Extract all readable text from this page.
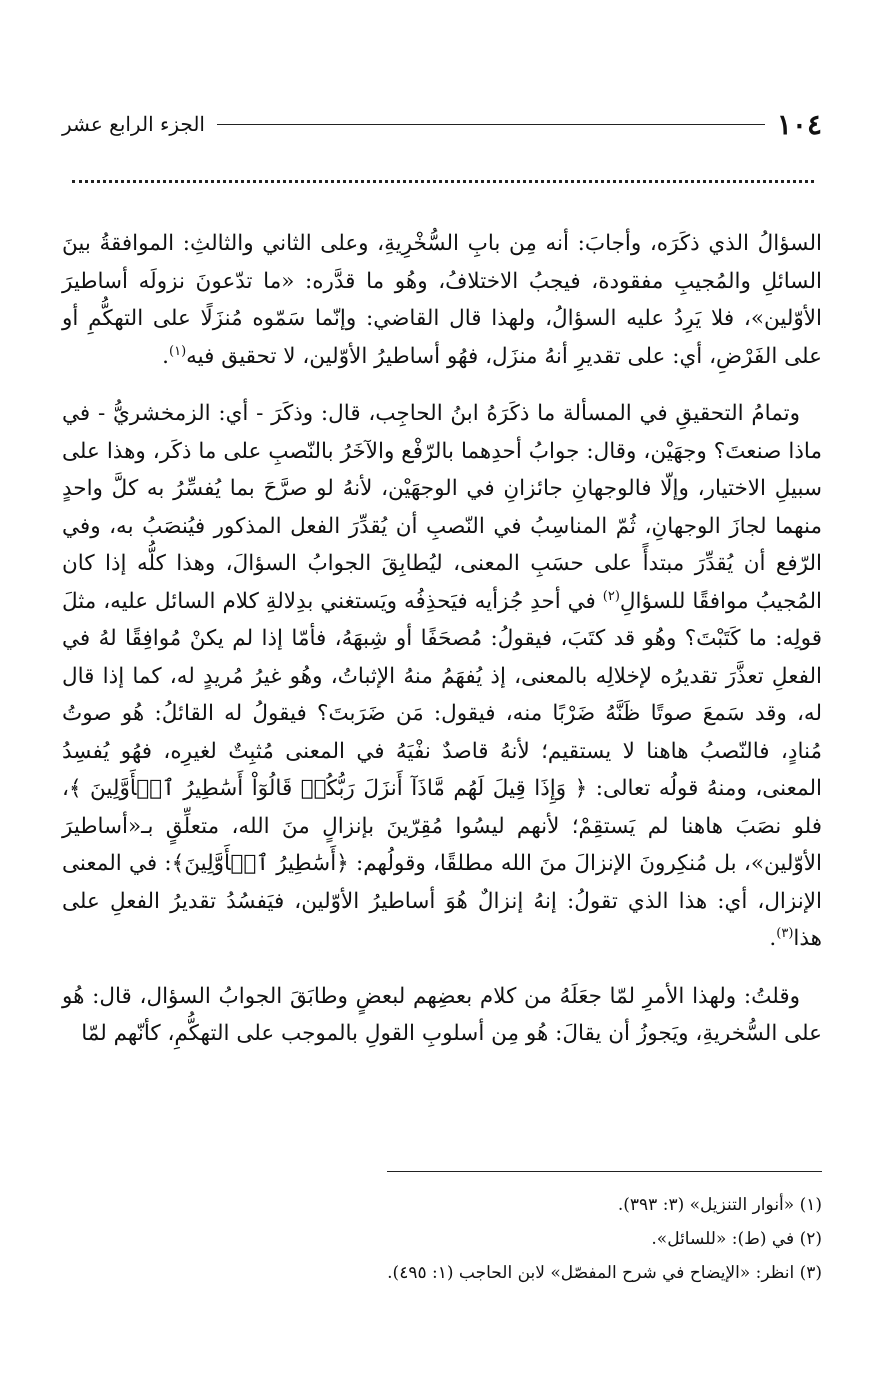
١٠٤
الجزء الرابع عشر

السؤالُ الذي ذكَرَه، وأجابَ: أنه مِن بابِ السُّخْرِيةِ، وعلى الثاني والثالثِ: الموافقةُ بينَ السائلِ والمُجيبِ مفقودة، فيجبُ الاختلافُ، وهُو ما قدَّره: «ما تدّعونَ نزولَه أساطيرَ الأوّلين»، فلا يَرِدُ عليه السؤالُ، ولهذا قال القاضي: وإنّما سَمّوه مُنزَلًا على التهكُّمِ أو على الفَرْضِ، أي: على تقديرِ أنهُ منزَل، فهُو أساطيرُ الأوّلين، لا تحقيق فيه$^{(١)}$.

وتمامُ التحقيقِ في المسألة ما ذكَرَهُ ابنُ الحاجِب، قال: وذكَرَ - أي: الزمخشريُّ - في ماذا صنعتَ؟ وجهَيْن، وقال: جوابُ أحدِهما بالرّفْع والآخَرُ بالنّصبِ على ما ذكَر، وهذا على سبيلِ الاختيار، وإلّا فالوجهانِ جائزانِ في الوجهَيْن، لأنهُ لو صرَّحَ بما يُفسِّرُ به كلَّ واحدٍ منهما لجازَ الوجهانِ، ثُمّ المناسِبُ في النّصبِ أن يُقدِّرَ الفعل المذكور فيُنصَبُ به، وفي الرّفع أن يُقدِّرَ مبتدأً على حسَبِ المعنى، ليُطابِقَ الجوابُ السؤالَ، وهذا كلُّه إذا كان المُجيبُ موافقًا للسؤالِ$^{(٢)}$ في أحدِ جُزأيه فيَحذِفُه ويَستغني بدِلالةِ كلام السائل عليه، مثلَ قولِه: ما كَتَبْتَ؟ وهُو قد كتَبَ، فيقولُ: مُصحَفًا أو شِبهَهُ، فأمّا إذا لم يكنْ مُوافِقًا لهُ في الفعلِ تعذَّرَ تقديرُه لإخلالِه بالمعنى، إذ يُفهَمُ منهُ الإثباتُ، وهُو غيرُ مُريدٍ له، كما إذا قال له، وقد سَمعَ صوتًا ظَنَّهُ ضَرْبًا منه، فيقول: مَن ضَرَبتَ؟ فيقولُ له القائلُ: هُو صوتُ مُنادٍ، فالنّصبُ هاهنا لا يستقيم؛ لأنهُ قاصدٌ نفْيَهُ في المعنى مُثبِتٌ لغيرِه، فهُو يُفسِدُ المعنى، ومنهُ قولُه تعالى: ﴿ وَإِذَا قِيلَ لَهُم مَّاذَآ أَنزَلَ رَبُّكُمۡ قَالُوٓاْ أَسَٰطِيرُ ٱلۡأَوَّلِينَ ﴾، فلو نصَبَ هاهنا لم يَستقِمْ؛ لأنهم ليسُوا مُقِرّينَ بإنزالٍ منَ الله، متعلِّقٍ بـ«أساطيرَ الأوّلين»، بل مُنكِرونَ الإنزالَ منَ الله مطلقًا، وقولُهم: ﴿أَسَٰطِيرُ ٱلۡأَوَّلِينَ﴾: في المعنى الإنزال، أي: هذا الذي تقولُ: إنهُ إنزالٌ هُوَ أساطيرُ الأوّلين، فيَفسُدُ تقديرُ الفعلِ على هذا$^{(٣)}$.

وقلتُ: ولهذا الأمرِ لمّا جعَلَهُ من كلام بعضِهم لبعضٍ وطابَقَ الجوابُ السؤال، قال: هُو على السُّخريةِ، ويَجوزُ أن يقالَ: هُو مِن أسلوبِ القولِ بالموجب على التهكُّمِ، كأنّهم لمّا

(١) «أنوار التنزيل» (٣: ٣٩٣).

(٢) في (ط): «للسائل».

(٣) انظر: «الإيضاح في شرح المفصّل» لابن الحاجب (١: ٤٩٥).
